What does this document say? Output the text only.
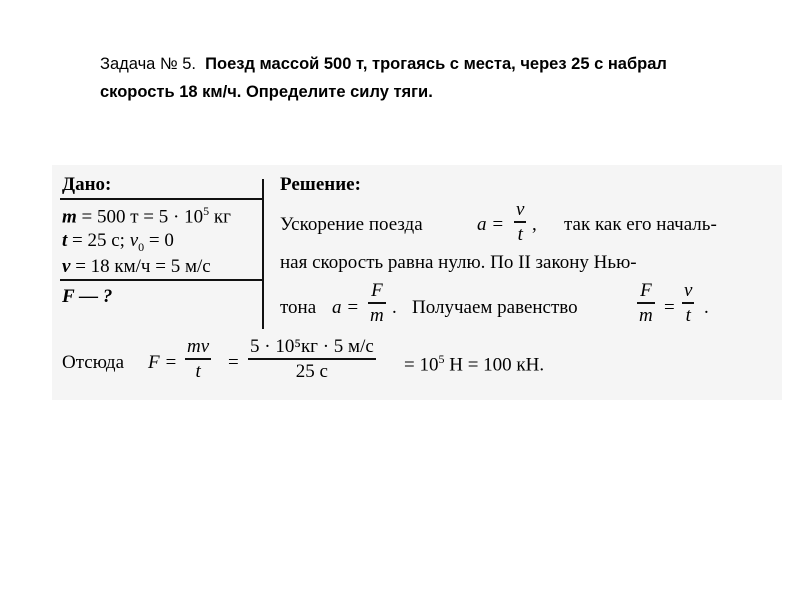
Задача № 5. Поезд массой 500 т, трогаясь с места, через 25 с набрал скорость 18 км/ч. Определите силу тяги.
Дано:
m = 500 $т = 5 \cdot 10^5$ кг
t = 25 с; $v_0 = 0$
v = 18 км/ч = 5 м/с
F — ?
Решение:
Ускорение поезда	a =
v
t , так как его началь-
ная скорость равна нулю. По II закону Нью-
тона a =
F
m . Получаем равенство
F
m =
v
t .
Отсюда F =
mv
t =
5 · 10⁵кг · 5 м/с
25 с	= $10^5$ Н = 100 кН.
